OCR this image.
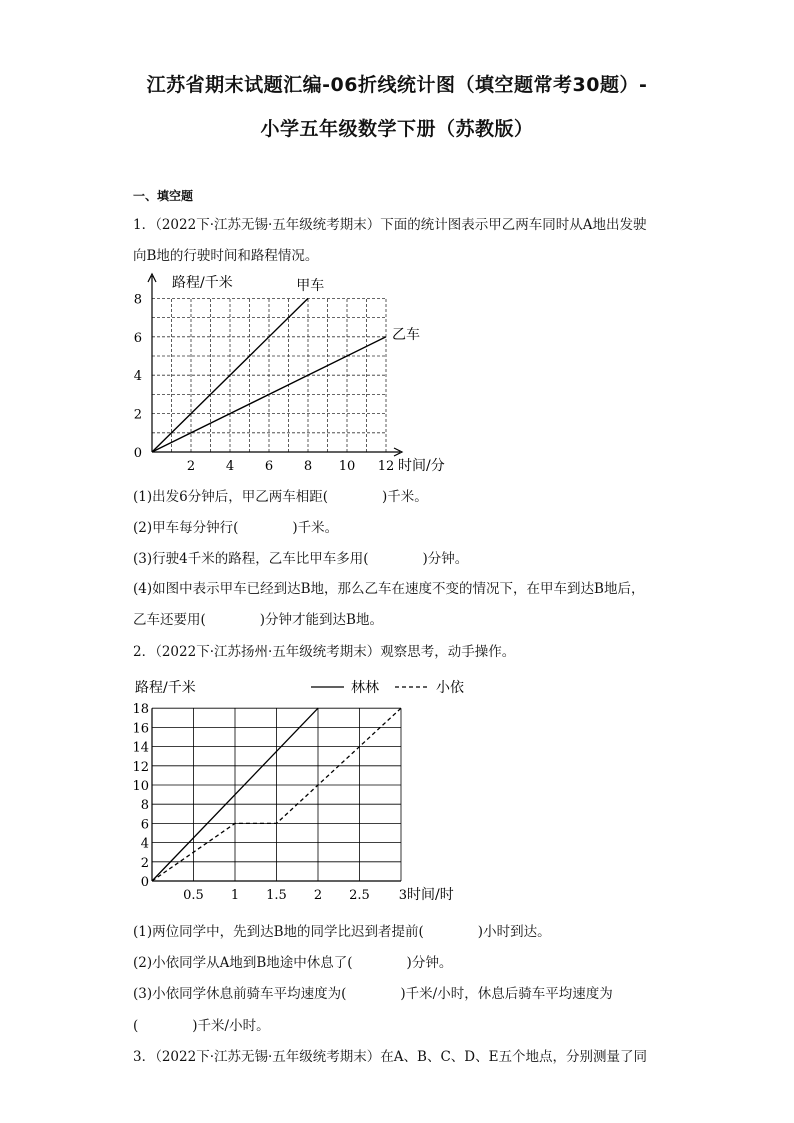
江苏省期末试题汇编-06折线统计图（填空题常考30题）-
小学五年级数学下册（苏教版）
一、填空题
1．（2022下·江苏无锡·五年级统考期末）下面的统计图表示甲乙两车同时从A地出发驶
向B地的行驶时间和路程情况。
2 4 6 8 10 12
2
4
6
8
0
路程/千米
时间/分
甲车
乙车
(1)出发6分钟后，甲乙两车相距(　　　　)千米。
(2)甲车每分钟行(　　　　)千米。
(3)行驶4千米的路程，乙车比甲车多用(　　　　)分钟。
(4)如图中表示甲车已经到达B地，那么乙车在速度不变的情况下，在甲车到达B地后，
乙车还要用(　　　　)分钟才能到达B地。
2．（2022下·江苏扬州·五年级统考期末）观察思考，动手操作。
0.5 1 1.5 2 2.5 3
2
4
6
8
10
12
14
16
18
0
路程/千米
时间/时
林林	小依
(1)两位同学中，先到达B地的同学比迟到者提前(　　　　)小时到达。
(2)小依同学从A地到B地途中休息了(　　　　)分钟。
(3)小依同学休息前骑车平均速度为(　　　　)千米/小时，休息后骑车平均速度为
(　　　　)千米/小时。
3．（2022下·江苏无锡·五年级统考期末）在A、B、C、D、E五个地点，分别测量了同
